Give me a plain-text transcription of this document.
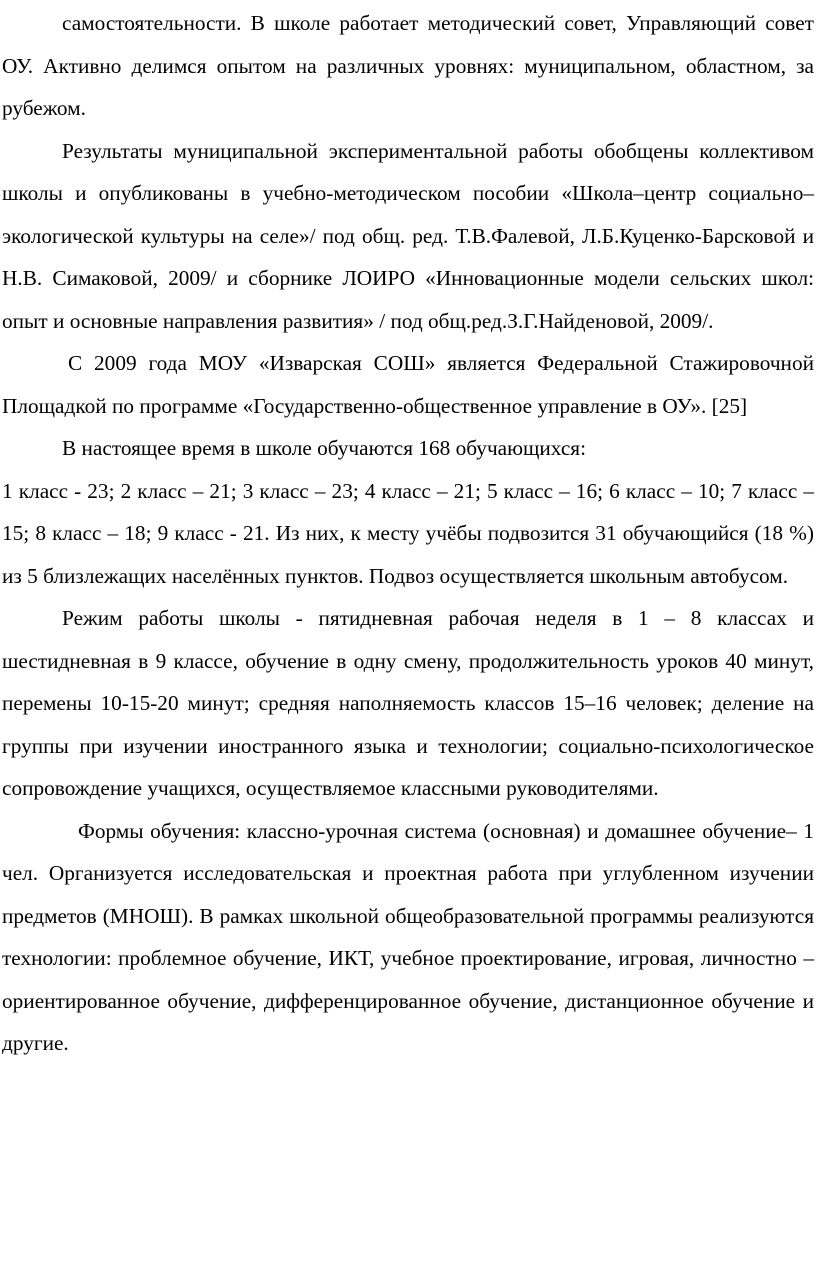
самостоятельности. В школе работает методический совет, Управляющий совет ОУ. Активно делимся опытом на различных уровнях: муниципальном, областном, за рубежом.

Результаты муниципальной экспериментальной работы обобщены коллективом школы и опубликованы в учебно-методическом пособии «Школа–центр социально–экологической культуры на селе»/ под общ. ред. Т.В.Фалевой, Л.Б.Куценко-Барсковой и Н.В. Симаковой, 2009/ и сборнике ЛОИРО «Инновационные модели сельских школ: опыт и основные направления развития» / под общ.ред.З.Г.Найденовой, 2009/.

С 2009 года МОУ «Изварская СОШ» является Федеральной Стажировочной Площадкой по программе «Государственно-общественное управление в ОУ». [25]

В настоящее время в школе обучаются 168 обучающихся:

1 класс - 23; 2 класс – 21; 3 класс – 23; 4 класс – 21; 5 класс – 16; 6 класс – 10; 7 класс – 15; 8 класс – 18; 9 класс - 21. Из них, к месту учёбы подвозится 31 обучающийся (18 %) из 5 близлежащих населённых пунктов. Подвоз осуществляется школьным автобусом.

Режим работы школы - пятидневная рабочая неделя в 1 – 8 классах и шестидневная в 9 классе, обучение в одну смену, продолжительность уроков 40 минут, перемены 10-15-20 минут; средняя наполняемость классов 15–16 человек; деление на группы при изучении иностранного языка и технологии; социально-психологическое сопровождение учащихся, осуществляемое классными руководителями.

Формы обучения: классно-урочная система (основная) и домашнее обучение– 1 чел. Организуется исследовательская и проектная работа при углубленном изучении предметов (МНОШ). В рамках школьной общеобразовательной программы реализуются технологии: проблемное обучение, ИКТ, учебное проектирование, игровая, личностно – ориентированное обучение, дифференцированное обучение, дистанционное обучение и другие.
